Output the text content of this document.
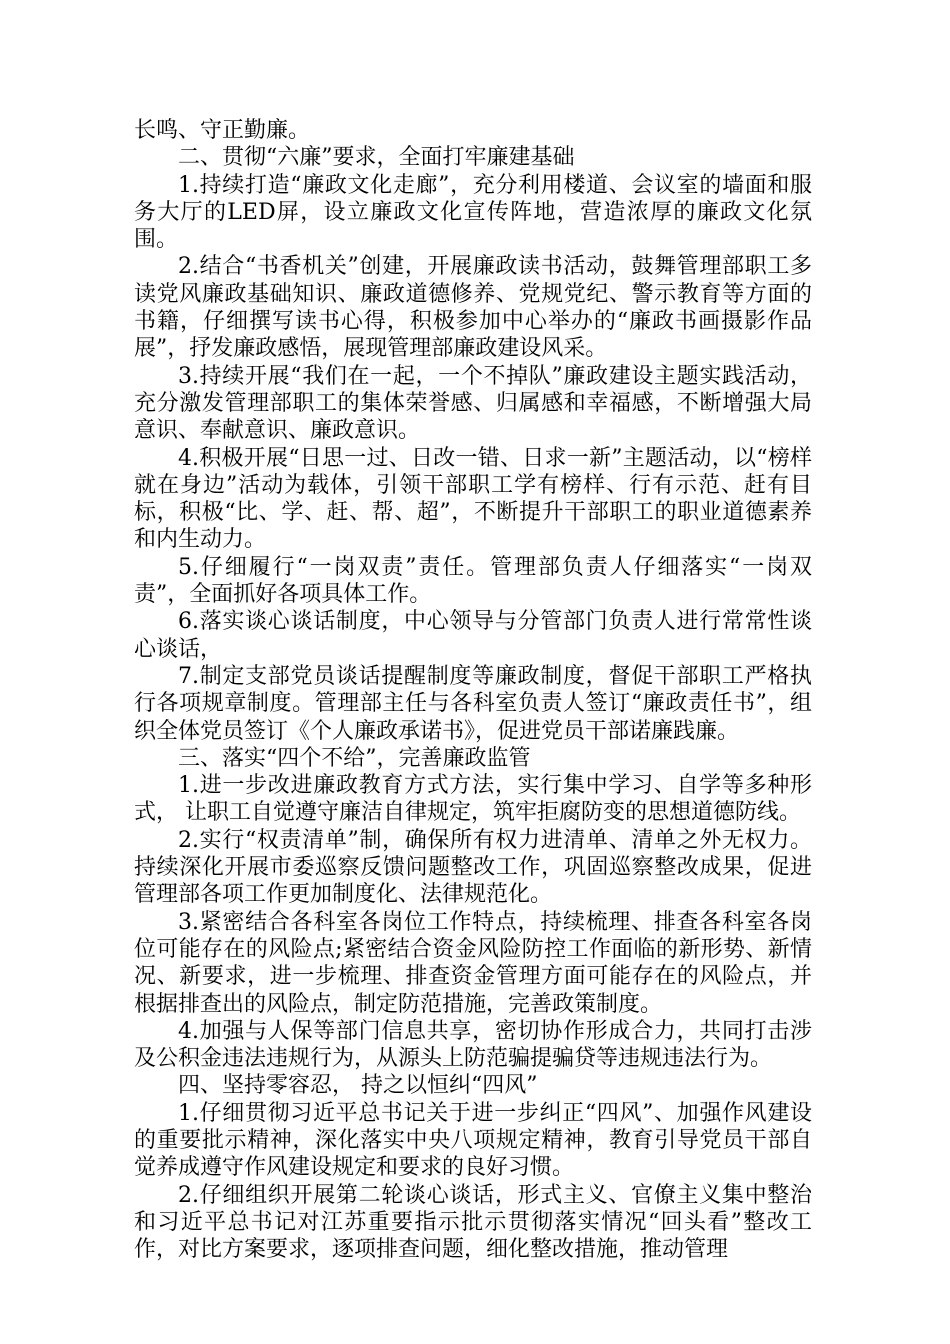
长鸣、守正勤廉。

二、贯彻“六廉”要求，全面打牢廉建基础

1.持续打造“廉政文化走廊”，充分利用楼道、会议室的墙面和服务大厅的LED屏，设立廉政文化宣传阵地，营造浓厚的廉政文化氛围。

2.结合“书香机关”创建，开展廉政读书活动，鼓舞管理部职工多读党风廉政基础知识、廉政道德修养、党规党纪、警示教育等方面的书籍，仔细撰写读书心得，积极参加中心举办的“廉政书画摄影作品展”，抒发廉政感悟，展现管理部廉政建设风采。

3.持续开展“我们在一起，一个不掉队”廉政建设主题实践活动，充分激发管理部职工的集体荣誉感、归属感和幸福感，不断增强大局意识、奉献意识、廉政意识。

4.积极开展“日思一过、日改一错、日求一新”主题活动，以“榜样就在身边”活动为载体，引领干部职工学有榜样、行有示范、赶有目标，积极“比、学、赶、帮、超”，不断提升干部职工的职业道德素养和内生动力。

5.仔细履行“一岗双责”责任。管理部负责人仔细落实“一岗双责”，全面抓好各项具体工作。

6.落实谈心谈话制度，中心领导与分管部门负责人进行常常性谈心谈话，

7.制定支部党员谈话提醒制度等廉政制度，督促干部职工严格执行各项规章制度。管理部主任与各科室负责人签订“廉政责任书”，组织全体党员签订《个人廉政承诺书》，促进党员干部诺廉践廉。

三、落实“四个不给”，完善廉政监管

1.进一步改进廉政教育方式方法，实行集中学习、自学等多种形式， 让职工自觉遵守廉洁自律规定，筑牢拒腐防变的思想道德防线。

2.实行“权责清单”制，确保所有权力进清单、清单之外无权力。持续深化开展市委巡察反馈问题整改工作，巩固巡察整改成果，促进管理部各项工作更加制度化、法律规范化。

3.紧密结合各科室各岗位工作特点，持续梳理、排查各科室各岗位可能存在的风险点;紧密结合资金风险防控工作面临的新形势、新情况、新要求，进一步梳理、排查资金管理方面可能存在的风险点，并根据排查出的风险点，制定防范措施，完善政策制度。

4.加强与人保等部门信息共享，密切协作形成合力，共同打击涉及公积金违法违规行为，从源头上防范骗提骗贷等违规违法行为。

四、坚持零容忍， 持之以恒纠“四风”

1.仔细贯彻习近平总书记关于进一步纠正“四风”、加强作风建设的重要批示精神，深化落实中央八项规定精神，教育引导党员干部自觉养成遵守作风建设规定和要求的良好习惯。

2.仔细组织开展第二轮谈心谈话，形式主义、官僚主义集中整治和习近平总书记对江苏重要指示批示贯彻落实情况“回头看”整改工作，对比方案要求，逐项排查问题，细化整改措施，推动管理
